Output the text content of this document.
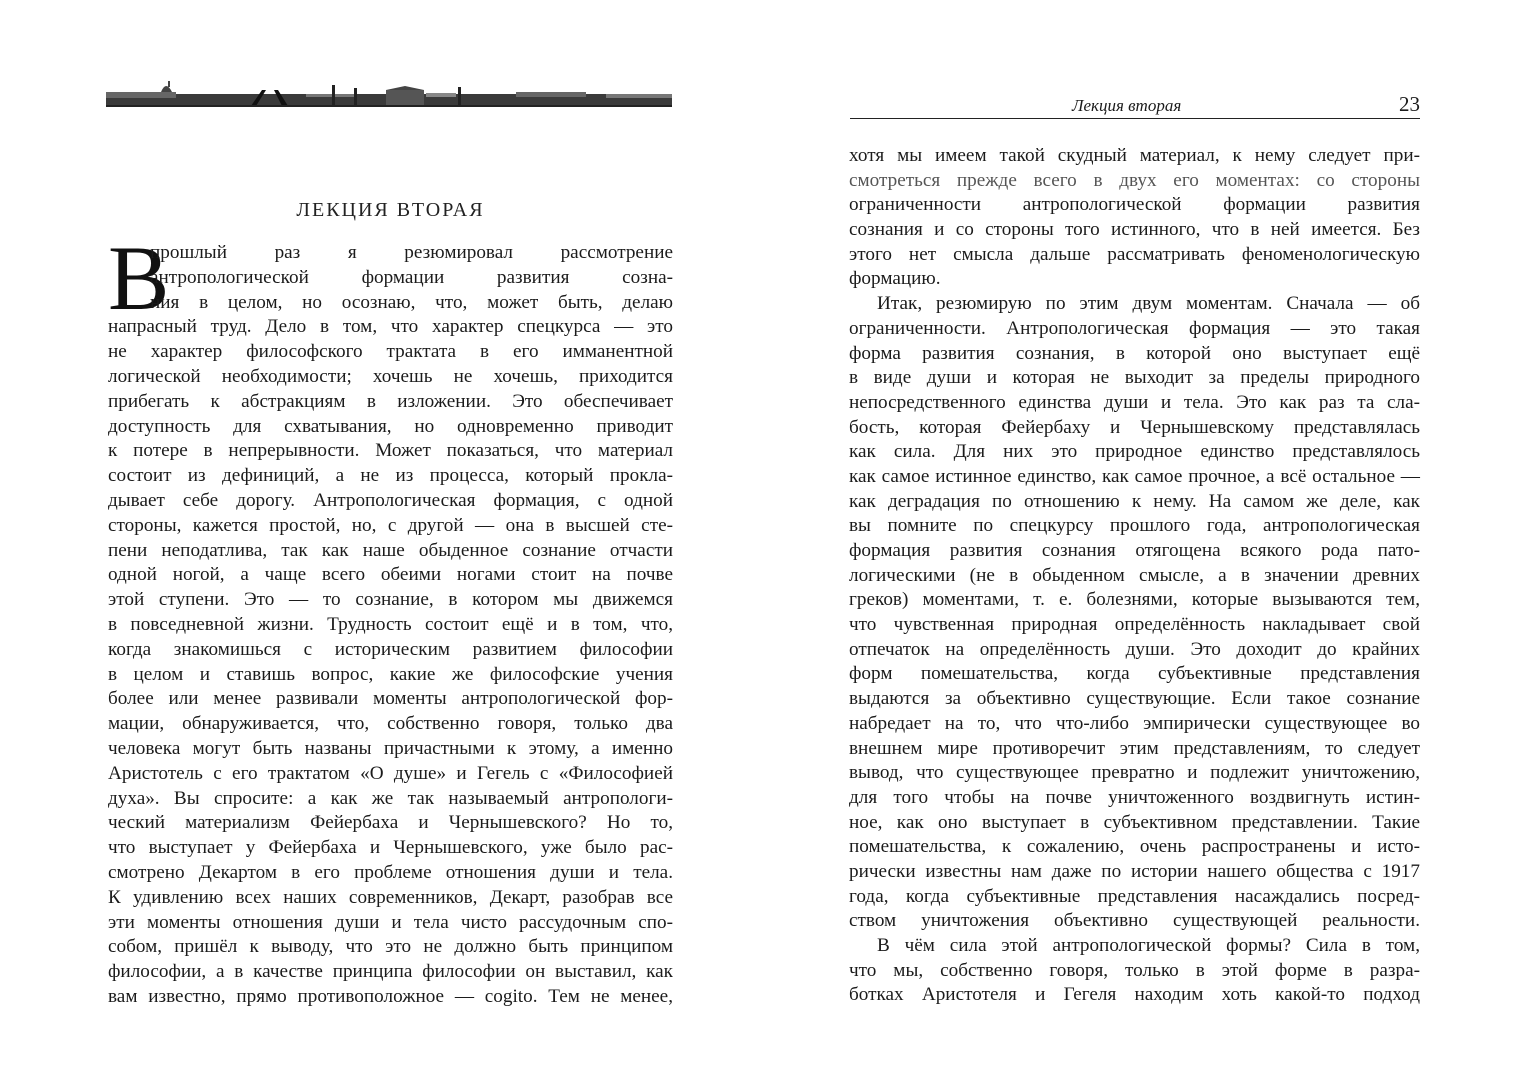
ЛЕКЦИЯ ВТОРАЯ
В
прошлый раз я резюмировал рассмотрение
антропологической формации развития созна-
ния в целом, но осознаю, что, может быть, делаю
напрасный труд. Дело в том, что характер спецкурса — это
не характер философского трактата в его имманентной
логической необходимости; хочешь не хочешь, приходится
прибегать к абстракциям в изложении. Это обеспечивает
доступность для схватывания, но одновременно приводит
к потере в непрерывности. Может показаться, что материал
состоит из дефиниций, а не из процесса, который прокла-
дывает себе дорогу. Антропологическая формация, с одной
стороны, кажется простой, но, с другой — она в высшей сте-
пени неподатлива, так как наше обыденное сознание отчасти
одной ногой, а чаще всего обеими ногами стоит на почве
этой ступени. Это — то сознание, в котором мы движемся
в повседневной жизни. Трудность состоит ещё и в том, что,
когда знакомишься с историческим развитием философии
в целом и ставишь вопрос, какие же философские учения
более или менее развивали моменты антропологической фор-
мации, обнаруживается, что, собственно говоря, только два
человека могут быть названы причастными к этому, а именно
Аристотель с его трактатом «О душе» и Гегель с «Философией
духа». Вы спросите: а как же так называемый антропологи-
ческий материализм Фейербаха и Чернышевского? Но то,
что выступает у Фейербаха и Чернышевского, уже было рас-
смотрено Декартом в его проблеме отношения души и тела.
К удивлению всех наших современников, Декарт, разобрав все
эти моменты отношения души и тела чисто рассудочным спо-
собом, пришёл к выводу, что это не должно быть принципом
философии, а в качестве принципа философии он выставил, как
вам известно, прямо противоположное — cogito. Тем не менее,
Лекция вторая	23
хотя мы имеем такой скудный материал, к нему следует при-
смотреться прежде всего в двух его моментах: со стороны
ограниченности антропологической формации развития
сознания и со стороны того истинного, что в ней имеется. Без
этого нет смысла дальше рассматривать феноменологическую
формацию.
Итак, резюмирую по этим двум моментам. Сначала — об
ограниченности. Антропологическая формация — это такая
форма развития сознания, в которой оно выступает ещё
в виде души и которая не выходит за пределы природного
непосредственного единства души и тела. Это как раз та сла-
бость, которая Фейербаху и Чернышевскому представлялась
как сила. Для них это природное единство представлялось
как самое истинное единство, как самое прочное, а всё остальное —
как деградация по отношению к нему. На самом же деле, как
вы помните по спецкурсу прошлого года, антропологическая
формация развития сознания отягощена всякого рода пато-
логическими (не в обыденном смысле, а в значении древних
греков) моментами, т. е. болезнями, которые вызываются тем,
что чувственная природная определённость накладывает свой
отпечаток на определённость души. Это доходит до крайних
форм помешательства, когда субъективные представления
выдаются за объективно существующие. Если такое сознание
набредает на то, что что-либо эмпирически существующее во
внешнем мире противоречит этим представлениям, то следует
вывод, что существующее превратно и подлежит уничтожению,
для того чтобы на почве уничтоженного воздвигнуть истин-
ное, как оно выступает в субъективном представлении. Такие
помешательства, к сожалению, очень распространены и исто-
рически известны нам даже по истории нашего общества с 1917
года, когда субъективные представления насаждались посред-
ством уничтожения объективно существующей реальности.
В чём сила этой антропологической формы? Сила в том,
что мы, собственно говоря, только в этой форме в разра-
ботках Аристотеля и Гегеля находим хоть какой-то подход
